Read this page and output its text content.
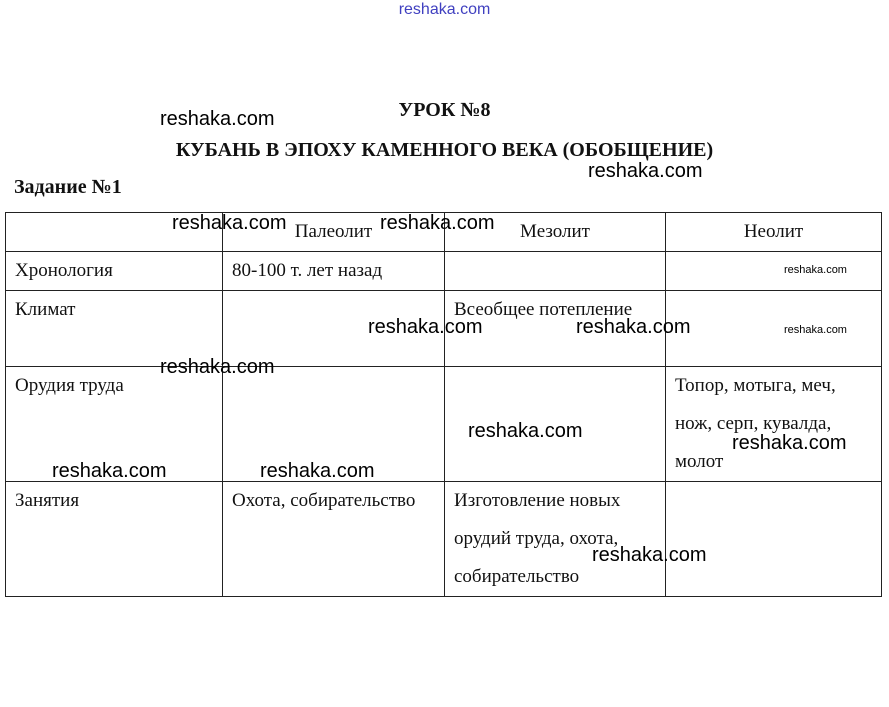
reshaka.com
УРОК №8
КУБАНЬ В ЭПОХУ КАМЕННОГО ВЕКА (ОБОБЩЕНИЕ)
Задание №1
	Палеолит	Мезолит	Неолит
Хронология	80-100 т. лет назад		
Климат		Всеобщее потепление	
Орудия труда			Топор, мотыга, меч, нож, серп, кувалда, молот
Занятия	Охота, собирательство	Изготовление новых орудий труда, охота, собирательство	
reshaka.com
reshaka.com
reshaka.com	reshaka.com
reshaka.com
reshaka.com
reshaka.com	reshaka.com
reshaka.com
reshaka.com
reshaka.com
reshaka.com	reshaka.com
reshaka.com
